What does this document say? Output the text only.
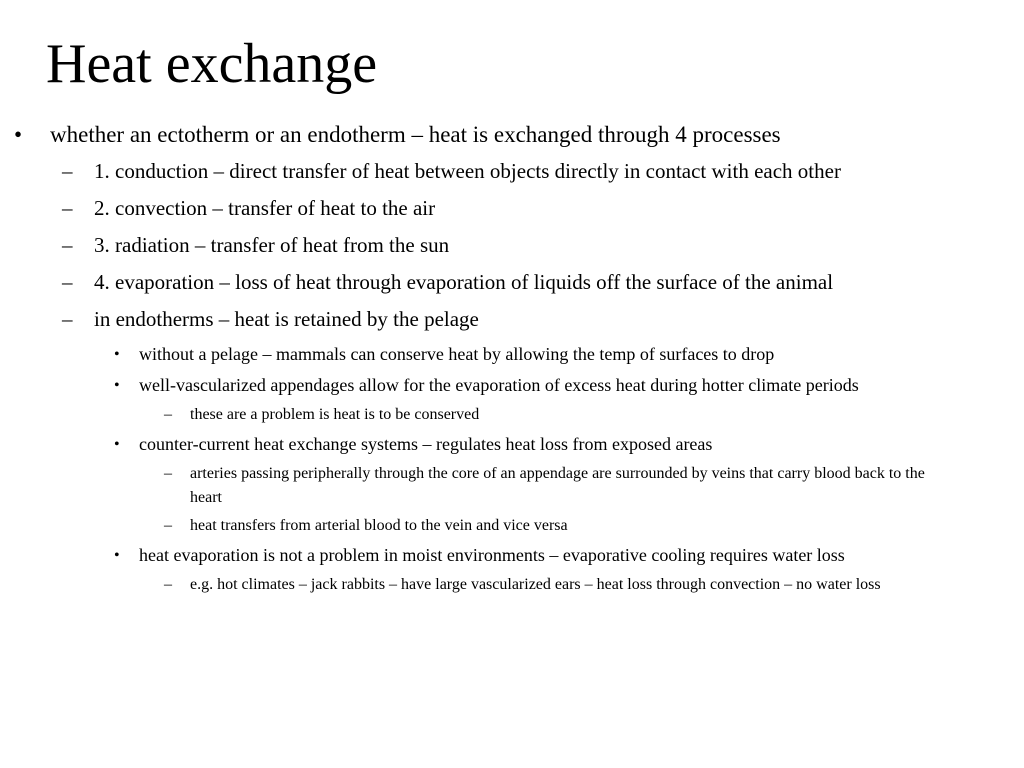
Heat exchange
• whether an ectotherm or an endotherm – heat is exchanged through 4 processes
– 1. conduction – direct transfer of heat between objects directly in contact with each other
– 2. convection – transfer of heat to the air
– 3. radiation – transfer of heat from the sun
– 4. evaporation – loss of heat through evaporation of liquids off the surface of the animal
– in endotherms – heat is retained by the pelage
• without a pelage – mammals can conserve heat by allowing the temp of surfaces to drop
• well-vascularized appendages allow for the evaporation of excess heat during hotter climate periods
– these are a problem is heat is to be conserved
• counter-current heat exchange systems – regulates heat loss from exposed areas
– arteries passing peripherally through the core of an appendage are surrounded by veins that carry blood back to the heart
– heat transfers from arterial blood to the vein and vice versa
• heat evaporation is not a problem in moist environments – evaporative cooling requires water loss
– e.g. hot climates – jack rabbits – have large vascularized ears – heat loss through convection – no water loss
